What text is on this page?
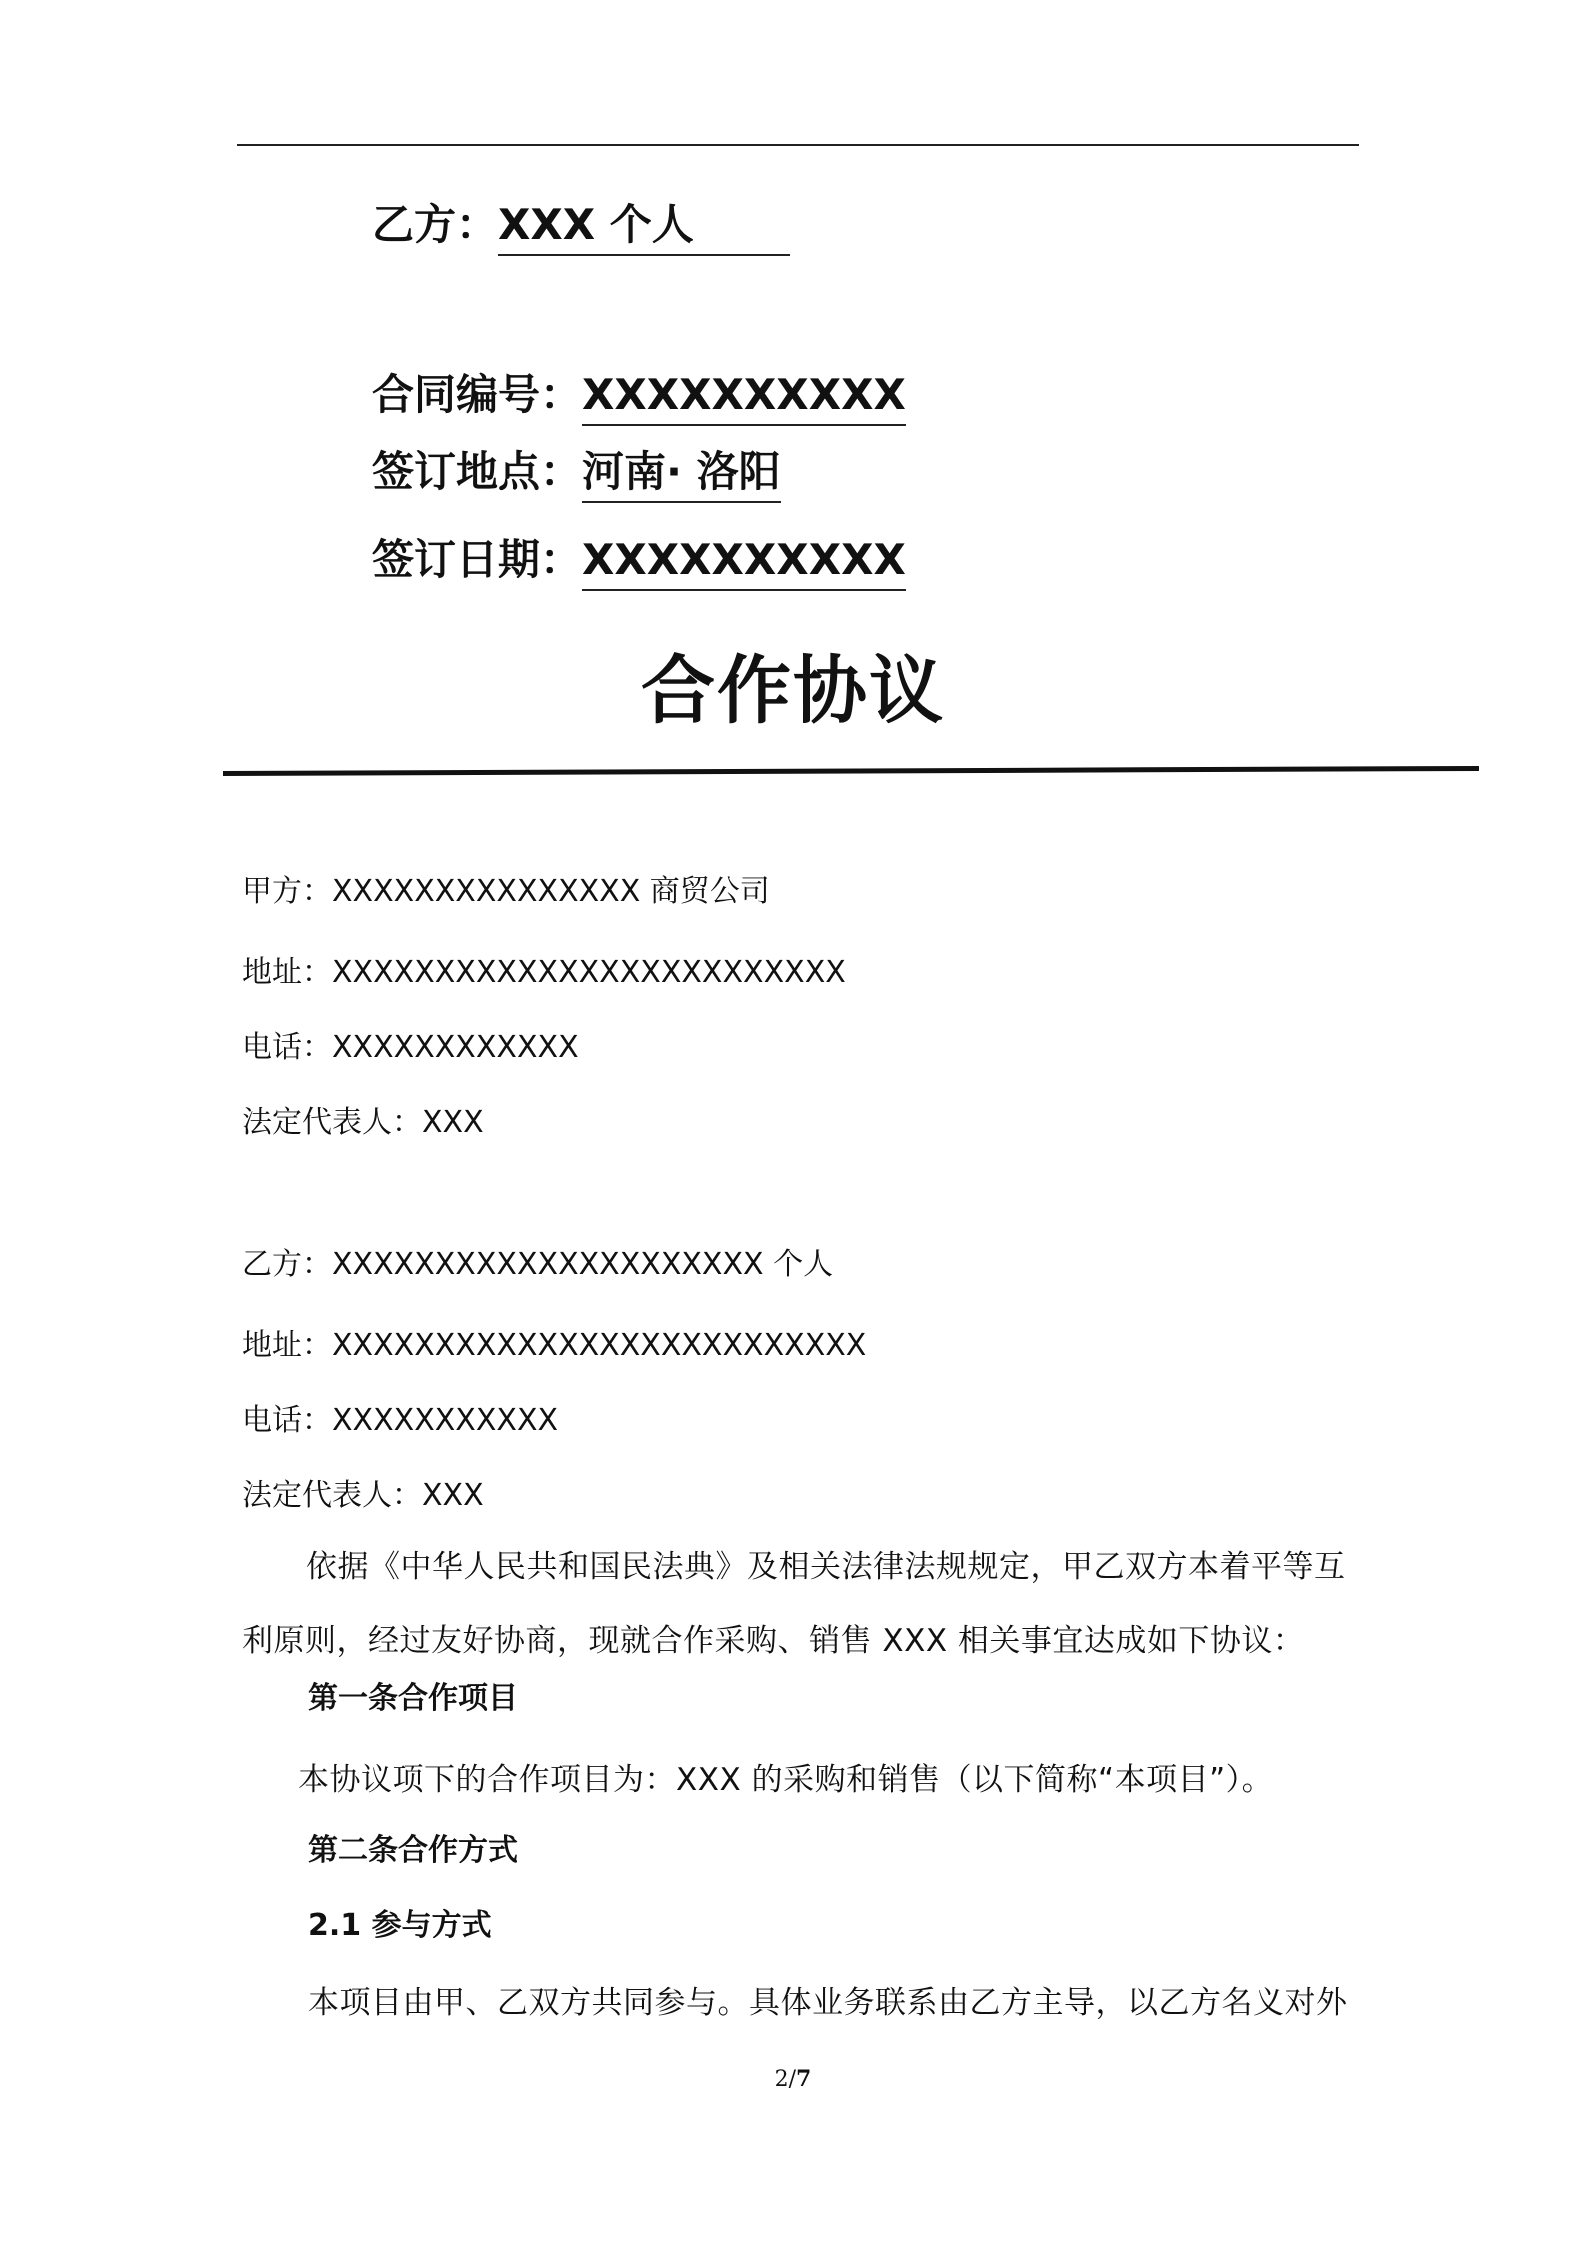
乙方：XXX 个人
合同编号：XXXXXXXXXX
签订地点：河南· 洛阳
签订日期：XXXXXXXXXX
合作协议
甲方：XXXXXXXXXXXXXXX 商贸公司
地址：XXXXXXXXXXXXXXXXXXXXXXXXX
电话：XXXXXXXXXXXX
法定代表人：XXX
乙方：XXXXXXXXXXXXXXXXXXXXX 个人
地址：XXXXXXXXXXXXXXXXXXXXXXXXXX
电话：XXXXXXXXXXX
法定代表人：XXX
依据《中华人民共和国民法典》及相关法律法规规定，甲乙双方本着平等互利原则，经过友好协商，现就合作采购、销售 XXX 相关事宜达成如下协议：
第一条合作项目
本协议项下的合作项目为：XXX 的采购和销售（以下简称“本项目”）。
第二条合作方式
2.1 参与方式
本项目由甲、乙双方共同参与。具体业务联系由乙方主导，以乙方名义对外
2/7
